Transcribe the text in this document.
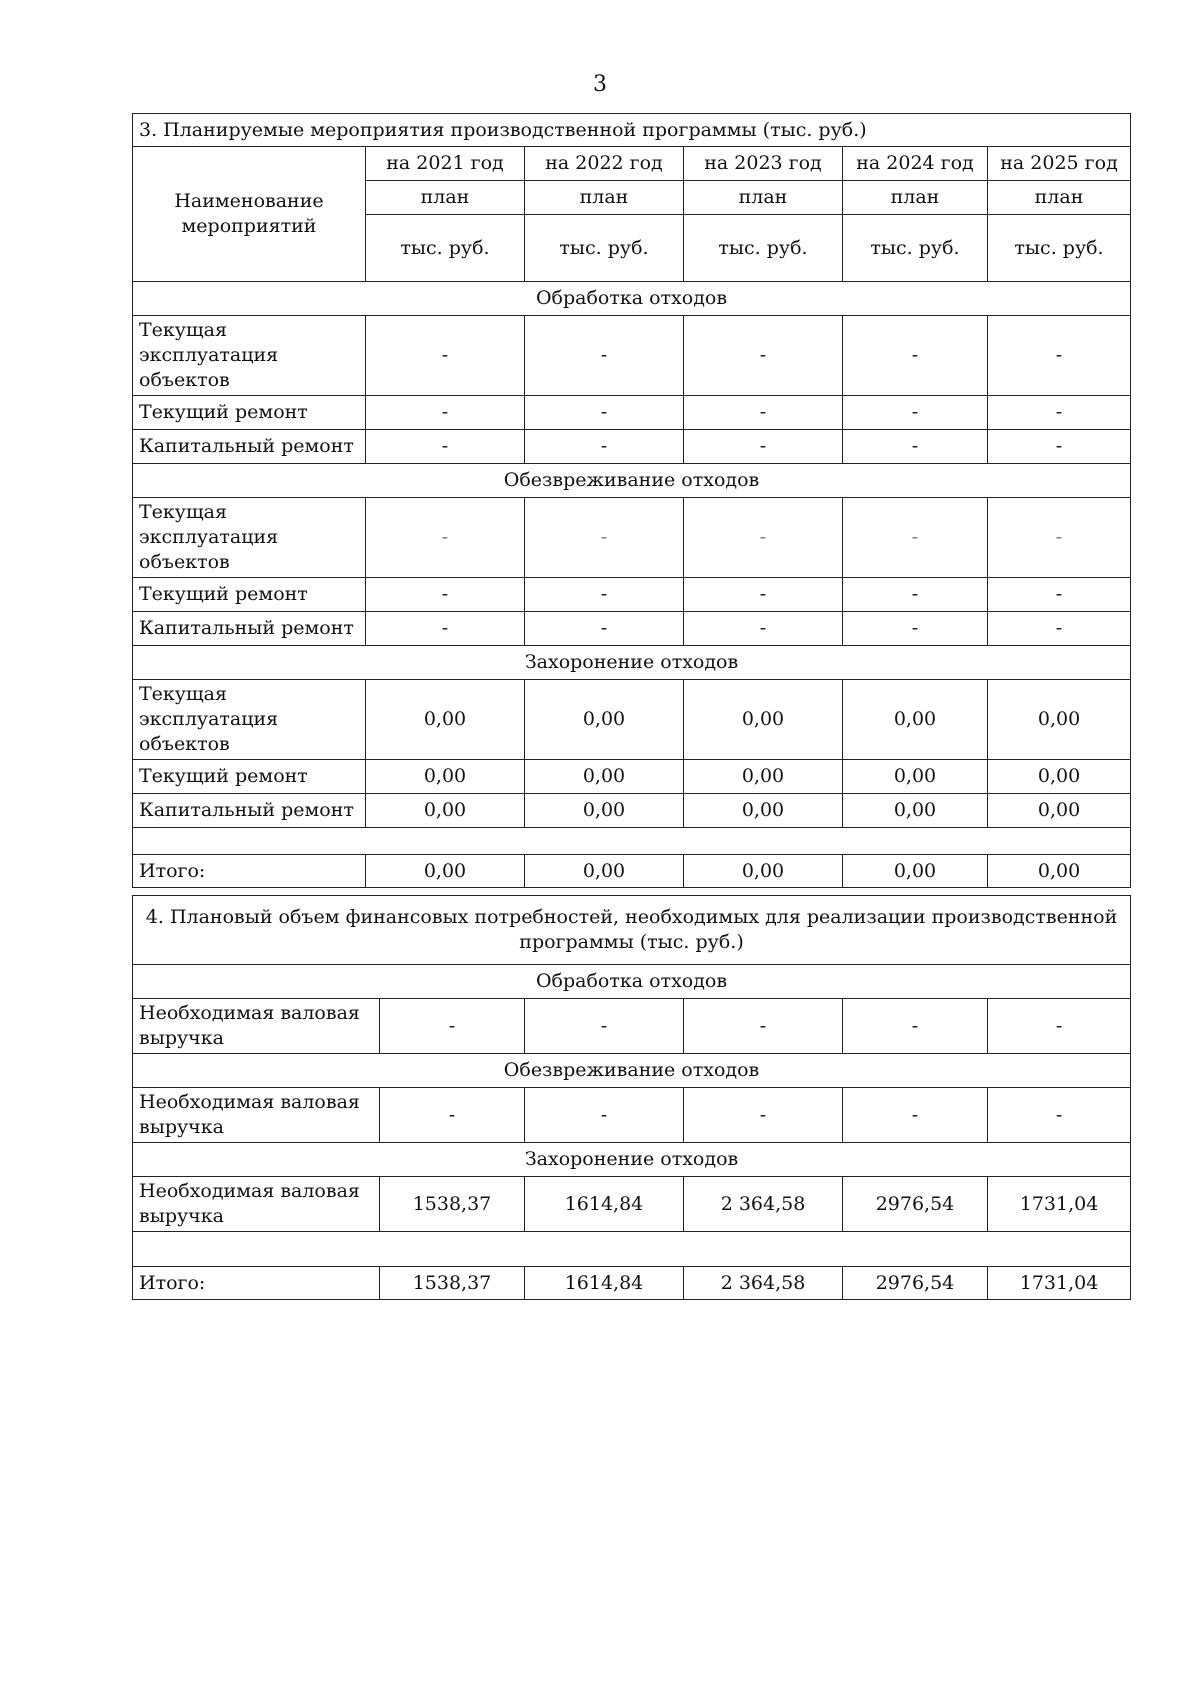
3
3. Планируемые мероприятия производственной программы (тыс. руб.)					
Наименование мероприятий	на 2021 год	на 2022 год	на 2023 год	на 2024 год	на 2025 год
	план	план	план	план	план
	тыс. руб.	тыс. руб.	тыс. руб.	тыс. руб.	тыс. руб.
Обработка отходов					
Текущая эксплуатация объектов	-	-	-	-	-
Текущий ремонт	-	-	-	-	-
Капитальный ремонт	-	-	-	-	-
Обезвреживание отходов					
Текущая эксплуатация объектов	-	-	-	-	-
Текущий ремонт	-	-	-	-	-
Капитальный ремонт	-	-	-	-	-
Захоронение отходов					
Текущая эксплуатация объектов	0,00	0,00	0,00	0,00	0,00
Текущий ремонт	0,00	0,00	0,00	0,00	0,00
Капитальный ремонт	0,00	0,00	0,00	0,00	0,00

Итого:	0,00	0,00	0,00	0,00	0,00
4. Плановый объем финансовых потребностей, необходимых для реализации производственной программы (тыс. руб.)					
Обработка отходов					
Необходимая валовая выручка	-	-	-	-	-
Обезвреживание отходов					
Необходимая валовая выручка	-	-	-	-	-
Захоронение отходов					
Необходимая валовая выручка	1538,37	1614,84	2 364,58	2976,54	1731,04

Итого:	1538,37	1614,84	2 364,58	2976,54	1731,04
